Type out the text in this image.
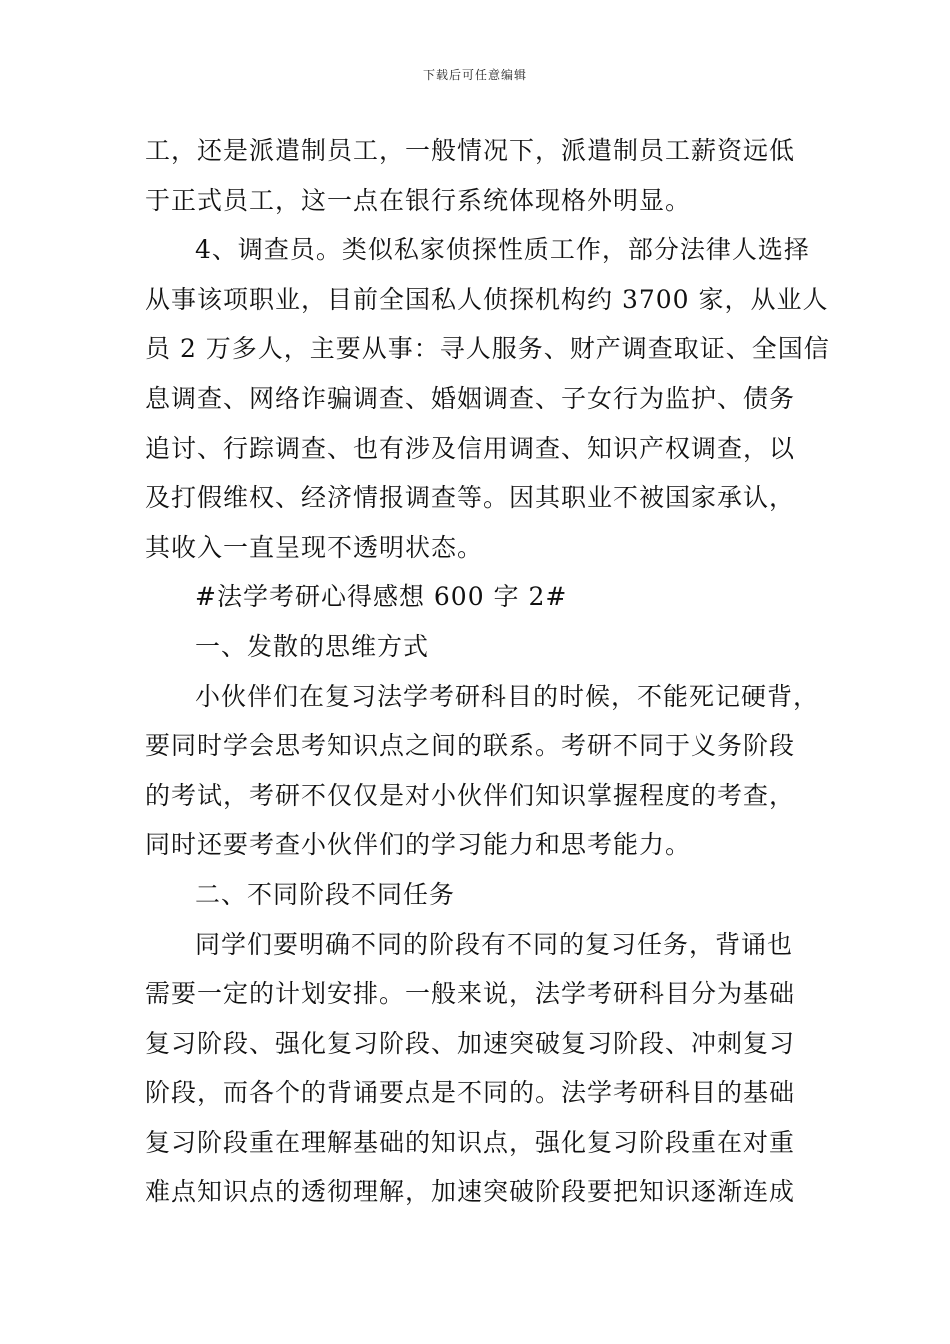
下载后可任意编辑
工，还是派遣制员工，一般情况下，派遣制员工薪资远低
于正式员工，这一点在银行系统体现格外明显。
4、调查员。类似私家侦探性质工作，部分法律人选择
从事该项职业，目前全国私人侦探机构约 3700 家，从业人
员 2 万多人，主要从事：寻人服务、财产调查取证、全国信
息调查、网络诈骗调查、婚姻调查、子女行为监护、债务
追讨、行踪调查、也有涉及信用调查、知识产权调查，以
及打假维权、经济情报调查等。因其职业不被国家承认，
其收入一直呈现不透明状态。
#法学考研心得感想 600 字 2#
一、发散的思维方式
小伙伴们在复习法学考研科目的时候，不能死记硬背，
要同时学会思考知识点之间的联系。考研不同于义务阶段
的考试，考研不仅仅是对小伙伴们知识掌握程度的考查，
同时还要考查小伙伴们的学习能力和思考能力。
二、不同阶段不同任务
同学们要明确不同的阶段有不同的复习任务，背诵也
需要一定的计划安排。一般来说，法学考研科目分为基础
复习阶段、强化复习阶段、加速突破复习阶段、冲刺复习
阶段，而各个的背诵要点是不同的。法学考研科目的基础
复习阶段重在理解基础的知识点，强化复习阶段重在对重
难点知识点的透彻理解，加速突破阶段要把知识逐渐连成
